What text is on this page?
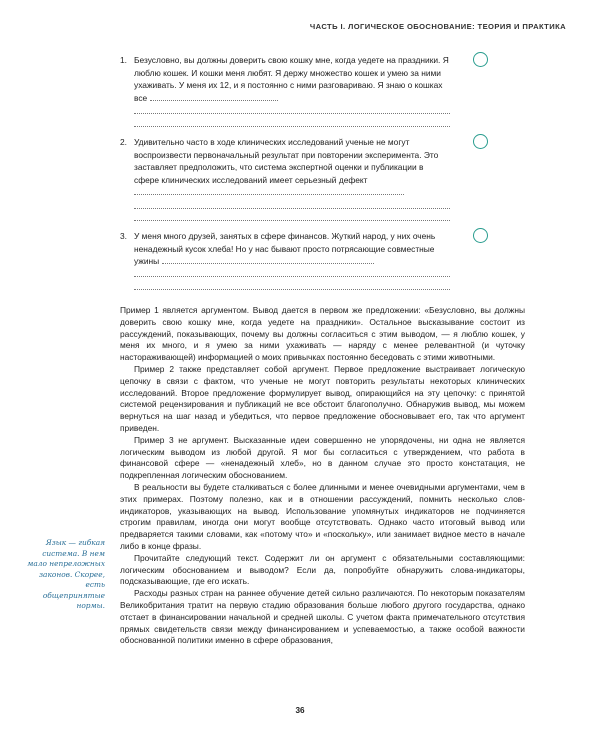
ЧАСТЬ I. ЛОГИЧЕСКОЕ ОБОСНОВАНИЕ: ТЕОРИЯ И ПРАКТИКА
1. Безусловно, вы должны доверить свою кошку мне, когда уедете на праздники. Я люблю кошек. И кошки меня любят. Я держу множество кошек и умею за ними ухаживать. У меня их 12, и я постоянно с ними разговариваю. Я знаю о кошках все
2. Удивительно часто в ходе клинических исследований ученые не могут воспроизвести первоначальный результат при повторении эксперимента. Это заставляет предположить, что система экспертной оценки и публикации в сфере клинических исследований имеет серьезный дефект
3. У меня много друзей, занятых в сфере финансов. Жуткий народ, у них очень ненадежный кусок хлеба! Но у нас бывают просто потрясающие совместные ужины

Пример 1 является аргументом. Вывод дается в первом же предложении: «Безусловно, вы должны доверить свою кошку мне, когда уедете на праздники». Остальное высказывание состоит из рассуждений, показывающих, почему вы должны согласиться с этим выводом, — я люблю кошек, у меня их много, и я умею за ними ухаживать — наряду с менее релевантной (и чуточку настораживающей) информацией о моих привычках постоянно беседовать с этими животными.

Пример 2 также представляет собой аргумент. Первое предложение выстраивает логическую цепочку в связи с фактом, что ученые не могут повторить результаты некоторых клинических исследований. Второе предложение формулирует вывод, опирающийся на эту цепочку: с принятой системой рецензирования и публикаций не все обстоит благополучно. Обнаружив вывод, мы можем вернуться на шаг назад и убедиться, что первое предложение обосновывает его, так что аргумент приведен.

Пример 3 не аргумент. Высказанные идеи совершенно не упорядочены, ни одна не является логическим выводом из любой другой. Я мог бы согласиться с утверждением, что работа в финансовой сфере — «ненадежный хлеб», но в данном случае это просто констатация, не подкрепленная логическим обоснованием.

В реальности вы будете сталкиваться с более длинными и менее очевидными аргументами, чем в этих примерах. Поэтому полезно, как и в отношении рассуждений, помнить несколько слов-индикаторов, указывающих на вывод. Использование упомянутых индикаторов не подчиняется строгим правилам, иногда они могут вообще отсутствовать. Однако часто итоговый вывод или предваряется такими словами, как «потому что» и «поскольку», или занимает видное место в начале либо в конце фразы.

Прочитайте следующий текст. Содержит ли он аргумент с обязательными составляющими: логическим обоснованием и выводом? Если да, попробуйте обнаружить слова-индикаторы, подсказывающие, где его искать.

Расходы разных стран на раннее обучение детей сильно различаются. По некоторым показателям Великобритания тратит на первую стадию образования больше любого другого государства, однако отстает в финансировании начальной и средней школы. С учетом факта примечательного отсутствия прямых свидетельств связи между финансированием и успеваемостью, а также особой важности обоснованной политики именно в сфере образования,

Язык — гибкая система. В нем мало непреложных законов. Скорее, есть общепринятые нормы.
36
